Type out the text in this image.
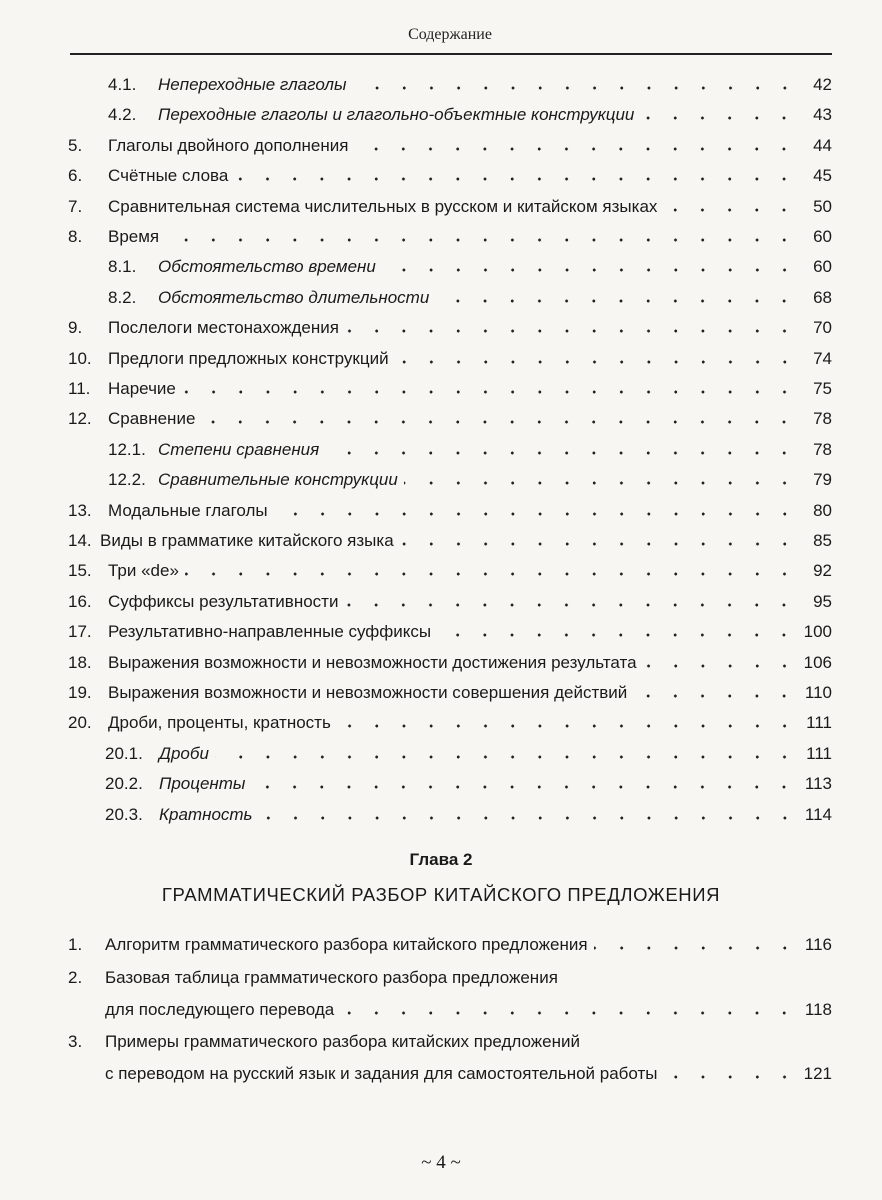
Содержание
4.1.	Непереходные глаголы	42
4.2.	Переходные глаголы и глагольно-объектные конструкции	43
5.	Глаголы двойного дополнения	44
6.	Счётные слова	45
7.	Сравнительная система числительных в русском и китайском языках	50
8.	Время	60
8.1.	Обстоятельство времени	60
8.2.	Обстоятельство длительности	68
9.	Послелоги местонахождения	70
10. Предлоги предложных конструкций	74
11.	Наречие	75
12. Сравнение	78
12.1. Степени сравнения	78
12.2. Сравнительные конструкции	79
13. Модальные глаголы	80
14. Виды в грамматике китайского языка	85
15. Три «de»	92
16. Суффиксы результативности	95
17. Результативно-направленные суффиксы	100
18. Выражения возможности и невозможности достижения результата	106
19. Выражения возможности и невозможности совершения действий	110
20. Дроби, проценты, кратность	111
20.1. Дроби	111
20.2. Проценты	113
20.3. Кратность	114
Глава 2
ГРАММАТИЧЕСКИЙ РАЗБОР КИТАЙСКОГО ПРЕДЛОЖЕНИЯ
1.	Алгоритм грамматического разбора китайского предложения	116
2.	Базовая таблица грамматического разбора предложения
для последующего перевода	118
3.	Примеры грамматического разбора китайских предложений
с переводом на русский язык и задания для самостоятельной работы	121
~ 4 ~
